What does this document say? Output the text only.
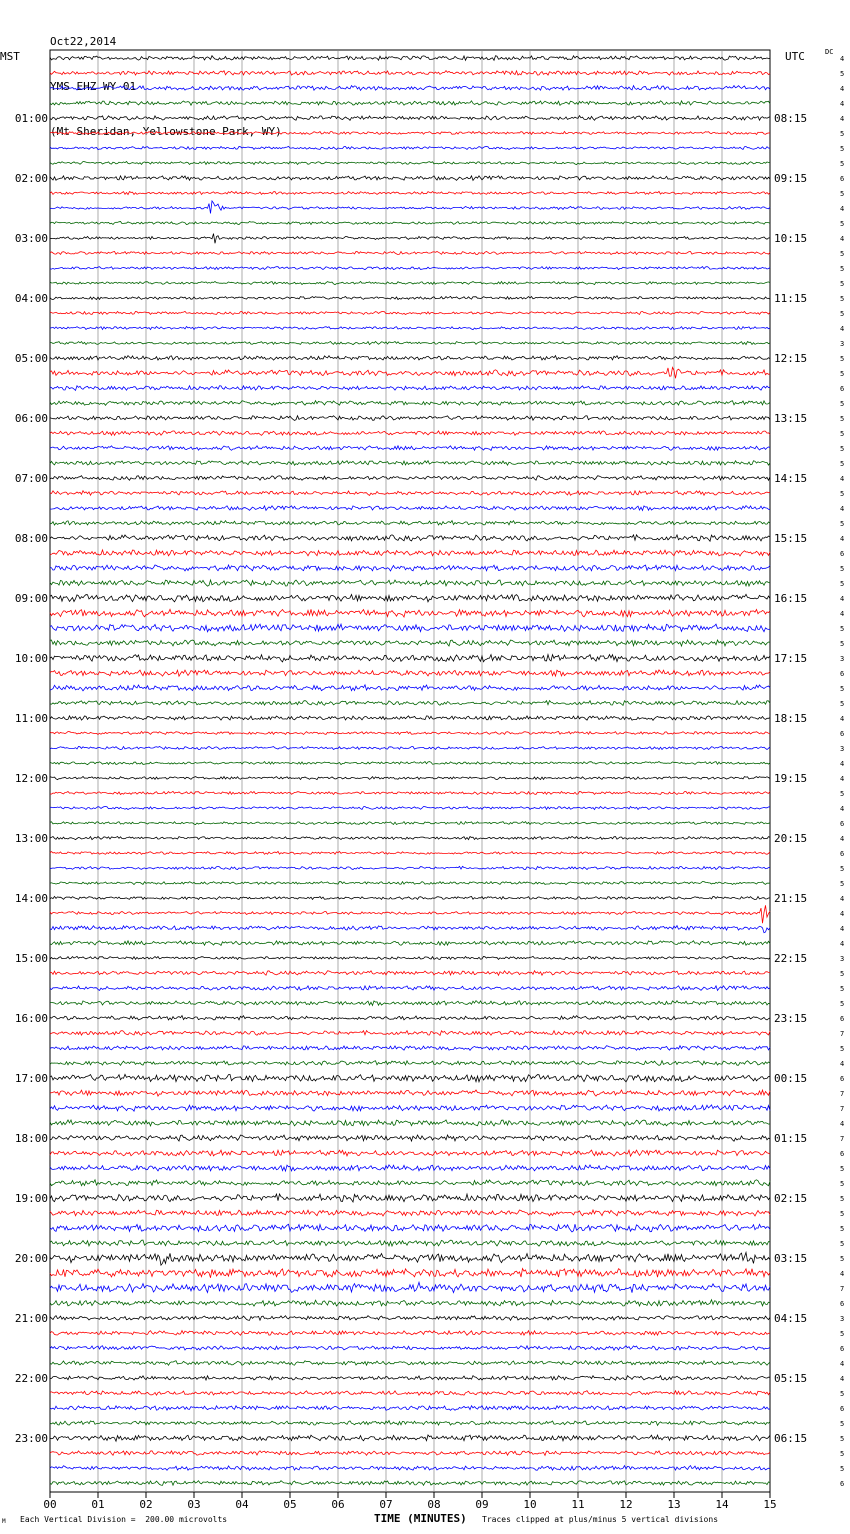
Oct22,2014

YMS EHZ WY 01

(Mt Sheridan, Yellowstone Park, WY)

MST	UTC	DC
00	01	02	03	04	05	06	07	08	09	10	11	12	13	14	15
4
5
4
4
4
5
5
5
6
5
4
5
4
5
5
5
5
5
4
3
5
5
6
5
5
5
5
5
4
5
4
5
4
6
5
5
4
4
5
5
3
6
5
5
4
6
3
4
4
5
4
6
4
6
5
5
4
4
4
4
3
5
5
5
6
7
5
4
6
7
7
4
7
6
5
5
5
5
5
5
5
4
7
6
3
5
6
4
4
5
6
5
5
5
5
6
01:00
02:00
03:00
04:00
05:00
06:00
07:00
08:00
09:00
10:00
11:00
12:00
13:00
14:00
15:00
16:00
17:00
18:00
19:00
20:00
21:00
22:00
23:00
08:15
09:15
10:15
11:15
12:15
13:15
14:15
15:15
16:15
17:15
18:15
19:15
20:15
21:15
22:15
23:15
00:15
01:15
02:15
03:15
04:15
05:15
06:15
M Each Vertical Division =  200.00 microvolts	TIME (MINUTES) Traces clipped at plus/minus 5 vertical divisions
